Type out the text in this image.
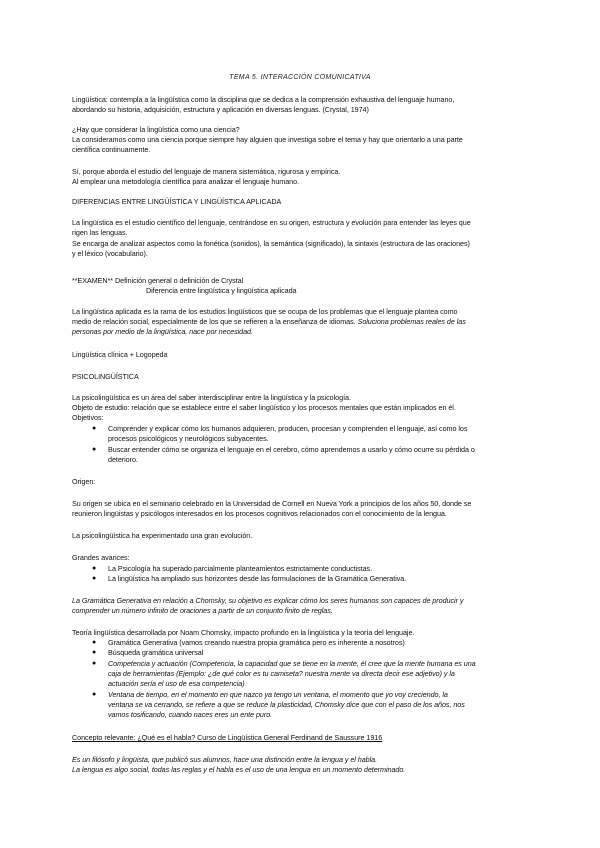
TEMA 5. INTERACCIÓN COMUNICATIVA

Lingüística: contempla a la lingüística como la disciplina que se dedica a la comprensión exhaustiva del lenguaje humano,

abordando su historia, adquisición, estructura y aplicación en diversas lenguas. (Crystal, 1974)

¿Hay que considerar la lingüística como una ciencia?

La consideramos como una ciencia porque siempre hay alguien que investiga sobre el tema y hay que orientarlo a una parte

científica continuamente.

Sí, porque aborda el estudio del lenguaje de manera sistemática, rigurosa y empírica.

Al emplear una metodología científica para analizar el lenguaje humano.

DIFERENCIAS ENTRE LINGÜÍSTICA Y LINGÜÍSTICA APLICADA

La lingüística es el estudio científico del lenguaje, centrándose en su origen, estructura y evolución para entender las leyes que

rigen las lenguas.

Se encarga de analizar aspectos como la fonética (sonidos), la semántica (significado), la sintaxis (estructura de las oraciones)

y el léxico (vocabulario).

**EXAMEN** Definición general o definición de Crystal

Diferencia entre lingüística y lingüística aplicada

La lingüística aplicada es la rama de los estudios lingüísticos que se ocupa de los problemas que el lenguaje plantea como

medio de relación social, especialmente de los que se refieren a la enseñanza de idiomas. Soluciona problemas reales de las

personas por medio de la lingüística, nace por necesidad.

Lingüística clínica + Logopeda

PSICOLINGÜÍSTICA

La psicolingüística es un área del saber interdisciplinar entre la lingüística y la psicología.

Objeto de estudio: relación que se establece entre el saber lingüístico y los procesos mentales que están implicados en él.

Objetivos:

● Comprender y explicar cómo los humanos adquieren, producen, procesan y comprenden el lenguaje, así como los

procesos psicológicos y neurológicos subyacentes.

● Buscar entender cómo se organiza el lenguaje en el cerebro, cómo aprendemos a usarlo y cómo ocurre su pérdida o

deterioro.

Origen:

Su origen se ubica en el seminario celebrado en la Universidad de Cornell en Nueva York a principios de los años 50, donde se

reunieron lingüistas y psicólogos interesados en los procesos cognitivos relacionados con el conocimiento de la lengua.

La psicolingüística ha experimentado una gran evolución.

Grandes avances:

● La Psicología ha superado parcialmente planteamientos estrictamente conductistas.

● La lingüística ha ampliado sus horizontes desde las formulaciones de la Gramática Generativa.

La Gramática Generativa en relación a Chomsky, su objetivo es explicar cómo los seres humanos son capaces de producir y

comprender un número infinito de oraciones a partir de un conjunto finito de reglas.

Teoría lingüística desarrollada por Noam Chomsky, impacto profundo en la lingüística y la teoría del lenguaje.

● Gramática Generativa (vamos creando nuestra propia gramática pero es inherente a nosotros)

● Búsqueda gramática universal

● Competencia y actuación (Competencia, la capacidad que se tiene en la mente, él cree que la mente humana es una

caja de herramientas (Ejemplo: ¿de qué color es tu camiseta? nuestra mente va directa decir ese adjetivo) y la

actuación sería el uso de esa competencia)

● Ventana de tiempo, en el momento en que nazco ya tengo un ventana, el momento que yo voy creciendo, la

ventana se va cerrando, se refiere a que se reduce la plasticidad, Chomsky dice que con el paso de los años, nos

vamos tosificando, cuando naces eres un ente puro.

Concepto relevante: ¿Qué es el habla? Curso de Lingüística General Ferdinand de Saussure 1916

Es un filósofo y lingüista, que publicó sus alumnos, hace una distinción entre la lengua y el habla.

La lengua es algo social, todas las reglas y el habla es el uso de una lengua en un momento determinado.
